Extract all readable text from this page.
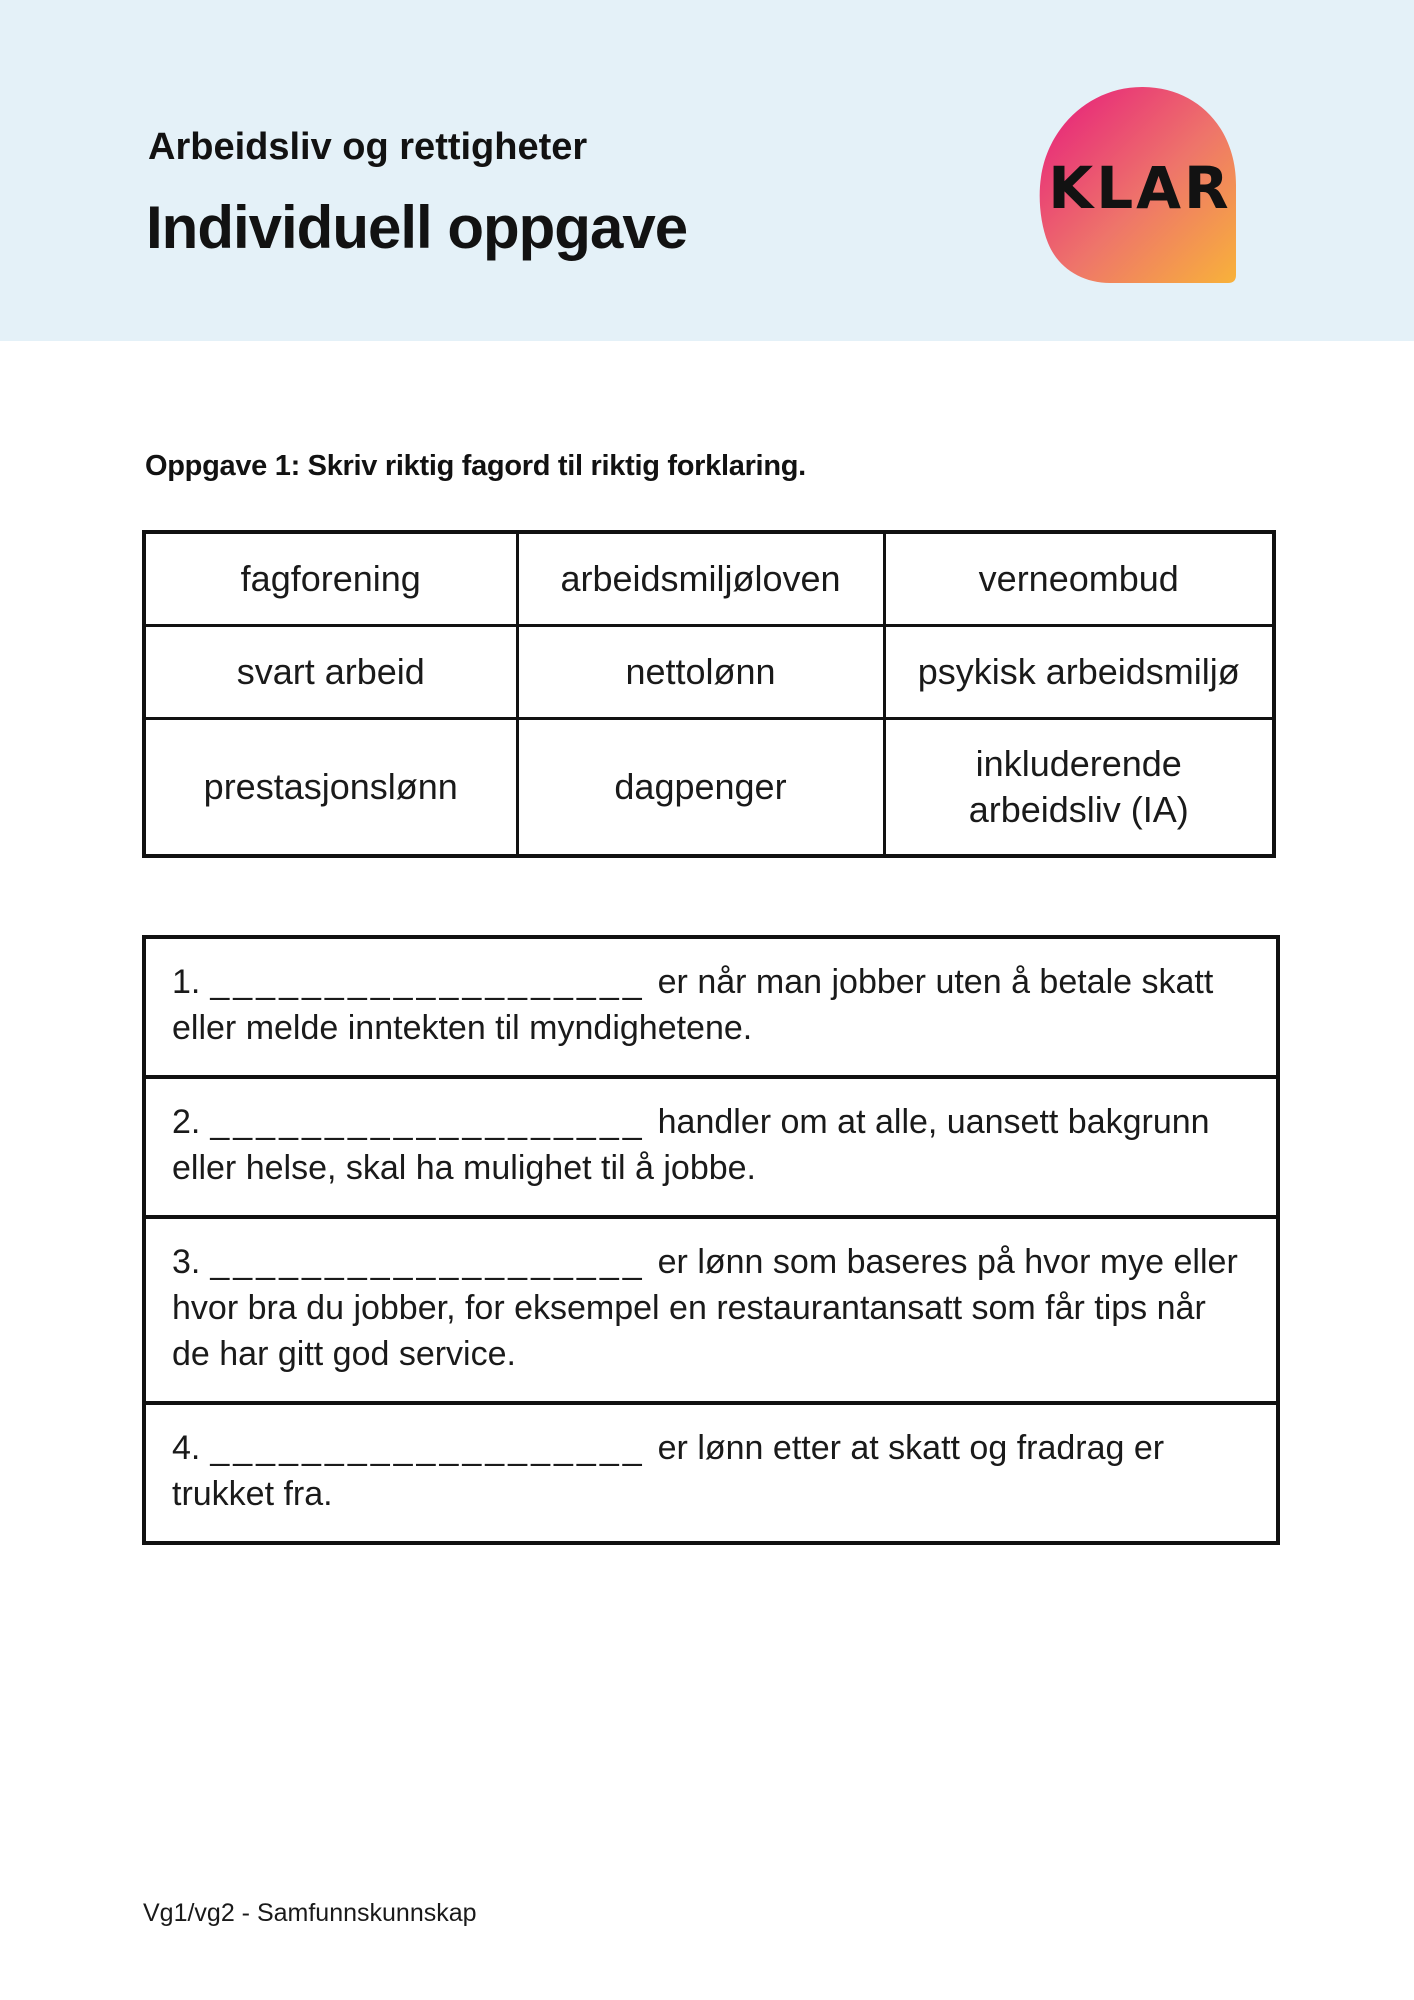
Arbeidsliv og rettigheter
Individuell oppgave
KLAR
Oppgave 1: Skriv riktig fagord til riktig forklaring.
fagforening	arbeidsmiljøloven	verneombud
svart arbeid	nettolønn	psykisk arbeidsmiljø
prestasjonslønn	dagpenger	inkluderende
arbeidsliv (IA)
1. ___________________ er når man jobber uten å betale skatt
eller melde inntekten til myndighetene.
2. ___________________ handler om at alle, uansett bakgrunn
eller helse, skal ha mulighet til å jobbe.
3. ___________________ er lønn som baseres på hvor mye eller
hvor bra du jobber, for eksempel en restaurantansatt som får tips når
de har gitt god service.
4. ___________________ er lønn etter at skatt og fradrag er
trukket fra.
Vg1/vg2 - Samfunnskunnskap
